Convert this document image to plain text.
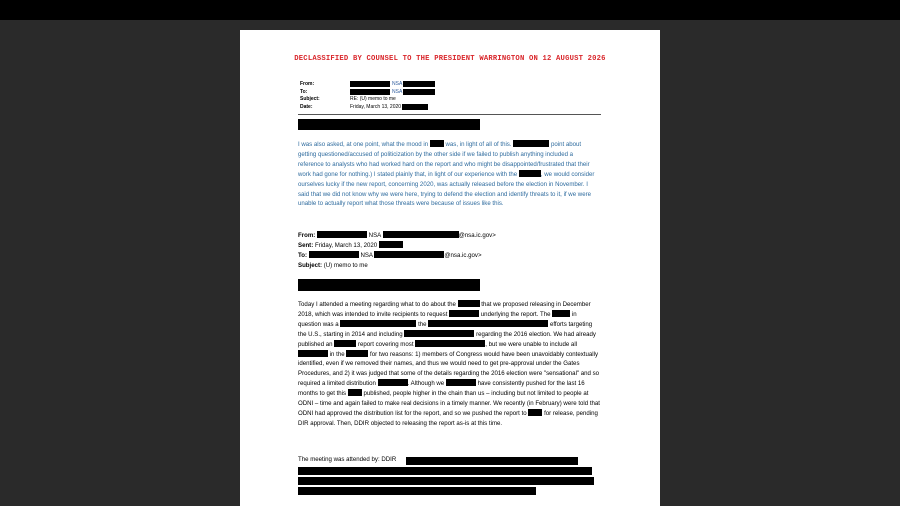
DECLASSIFIED BY COUNSEL TO THE PRESIDENT WARRINGTON ON 12 AUGUST 2026
From:	NSA
To:	NSA
Subject:	RE: (U) memo to me
Date:	Friday, March 13, 2020

I was also asked, at one point, what the mood in	was, in light of all of this.	point about getting questioned/accused of politicization by the other side if we failed to publish anything included a reference to analysts who had worked hard on the report and who might be disappointed/frustrated that their work had gone for nothing.) I stated plainly that, in light of our experience with the	, we would consider ourselves lucky if the new report, concerning 2020, was actually released before the election in November. I said that we did not know why we were here, trying to defend the election and identify threats to it, if we were unable to actually report what those threats were because of issues like this.

From:	NSA	@nsa.ic.gov>
Sent: Friday, March 13, 2020
To:	NSA	@nsa.ic.gov>
Subject: (U) memo to me

Today I attended a meeting regarding what to do about the	that we proposed releasing in December 2018, which was intended to invite recipients to request	underlying the report. The	in question was a	the	efforts targeting the U.S., starting in 2014 and including	regarding the 2016 election. We had already published an	report covering most	, but we were unable to include all  in the	for two reasons: 1) members of Congress would have been unavoidably contextually identified, even if we removed their names, and thus we would need to get pre-approval under the Gates Procedures, and 2) it was judged that some of the details regarding the 2016 election were "sensational" and so required a limited distribution	. Although we	have consistently pushed for the last 16 months to get this	published, people higher in the chain than us – including but not limited to people at ODNI – time and again failed to make real decisions in a timely manner. We recently (in February) were told that ODNI had approved the distribution list for the report, and so we pushed the report to	for release, pending DIR approval. Then, DDIR objected to releasing the report as-is at this time.

The meeting was attended by: DDIR
